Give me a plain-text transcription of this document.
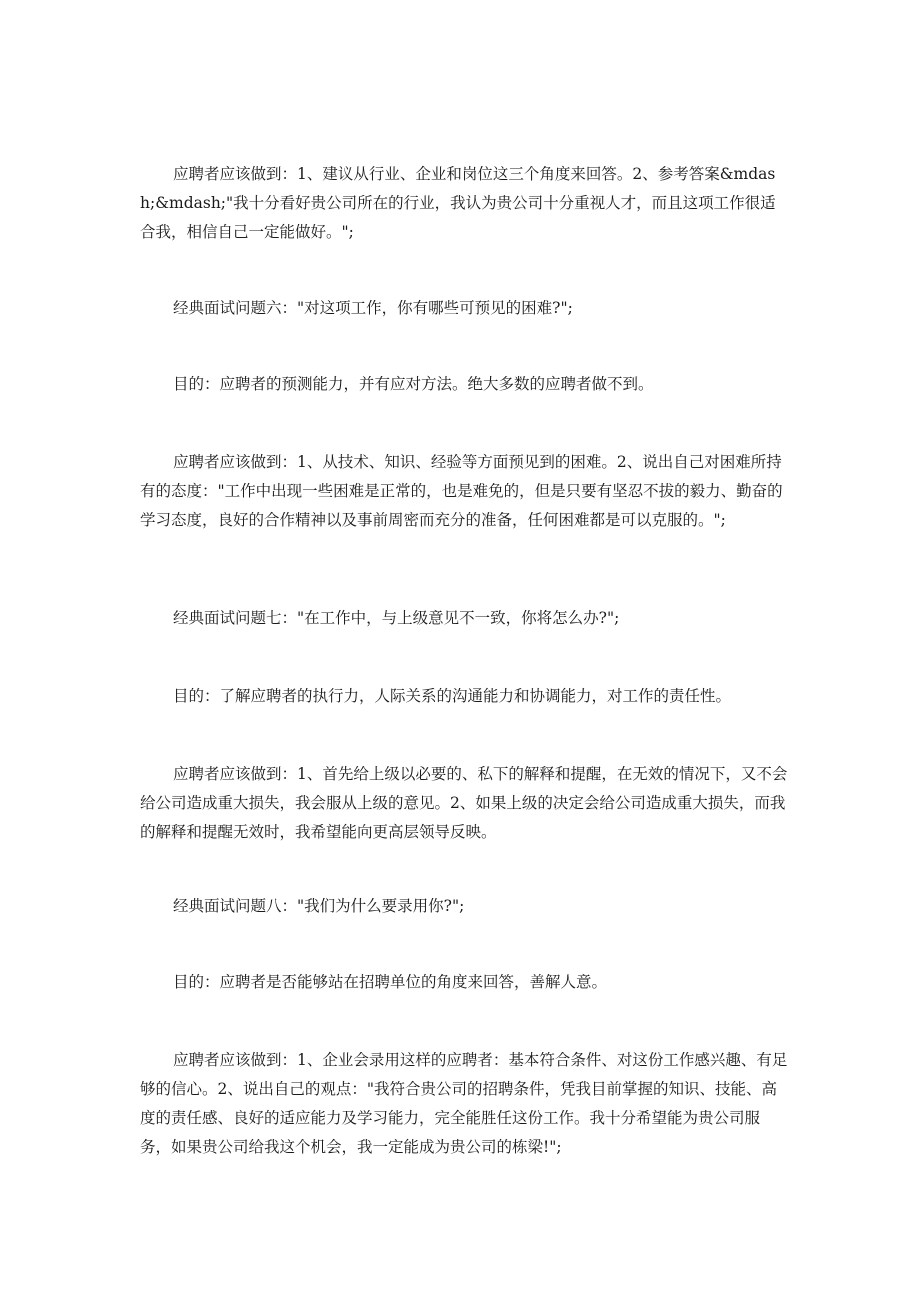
应聘者应该做到：1、建议从行业、企业和岗位这三个角度来回答。2、参考答案&mdash;&mdash;"我十分看好贵公司所在的行业，我认为贵公司十分重视人才，而且这项工作很适合我，相信自己一定能做好。";

经典面试问题六："对这项工作，你有哪些可预见的困难?";

目的：应聘者的预测能力，并有应对方法。绝大多数的应聘者做不到。

应聘者应该做到：1、从技术、知识、经验等方面预见到的困难。2、说出自己对困难所持有的态度："工作中出现一些困难是正常的，也是难免的，但是只要有坚忍不拔的毅力、勤奋的学习态度，良好的合作精神以及事前周密而充分的准备，任何困难都是可以克服的。";

经典面试问题七："在工作中，与上级意见不一致，你将怎么办?";

目的：了解应聘者的执行力，人际关系的沟通能力和协调能力，对工作的责任性。

应聘者应该做到：1、首先给上级以必要的、私下的解释和提醒，在无效的情况下，又不会给公司造成重大损失，我会服从上级的意见。2、如果上级的决定会给公司造成重大损失，而我的解释和提醒无效时，我希望能向更高层领导反映。

经典面试问题八："我们为什么要录用你?";

目的：应聘者是否能够站在招聘单位的角度来回答，善解人意。

应聘者应该做到：1、企业会录用这样的应聘者：基本符合条件、对这份工作感兴趣、有足够的信心。2、说出自己的观点："我符合贵公司的招聘条件，凭我目前掌握的知识、技能、高度的责任感、良好的适应能力及学习能力，完全能胜任这份工作。我十分希望能为贵公司服务，如果贵公司给我这个机会，我一定能成为贵公司的栋梁!";
